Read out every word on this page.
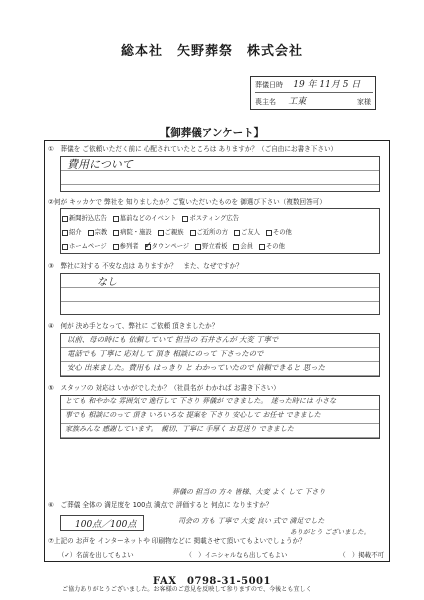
総本社　矢野葬祭　株式会社
葬儀日時 19 年 11月 5 日
喪主名 工東	家様
【御葬儀アンケート】
①　葬儀を ご依頼いただく前に 心配されていたところは ありますか？（ご自由にお書き下さい）
費用について
②何が キッカケで 弊社を 知りましたか？ご覧いただいたものを 御選び下さい（複数回答可）
新聞折込広告 墓前などのイベント ポスティング広告
紹介 宗教 病院・施設 ご親族 ご近所の方 ご友人 その他
ホームページ 参列者
✓ タウンページ 野立看板 会員 その他
③　弊社に対する 不安な点は ありますか？　また、なぜですか？
なし
④　何が 決め手となって、弊社に ご依頼 頂きましたか？
以前、母の時にも 依頼していて 担当の 石井さんが 大変 丁寧で
電話でも 丁寧に 応対して 頂き 相談にのって 下さったので
安心 出来ました。費用も はっきり と わかっていたので 信頼できると 思った
⑤　スタッフの 対応は いかがでしたか？（社員名が わかれば お書き下さい）
とても 和やかな 雰囲気で 進行して 下さり 葬儀が できました。　迷った時には 小さな
事でも 相談にのって 頂き いろいろな 提案を 下さり 安心して お任せ できました
家族みんな 感謝しています。　親切、丁寧に 手厚く お見送り できました
⑥　ご葬儀 全体の 満足度を 100点 満点で 評価すると 何点に なりますか？
100点／100点
葬儀の 担当の 方々 皆様、大変 よく して 下さり
司会の 方も 丁寧で 大変 良い 式で 満足でした
ありがとう ございました。
⑦上記の お声を インターネットや 印刷物などに 掲載させて頂いてもよいでしょうか？
（✓）名前を出してもよい	（　）イニシャルなら出してもよい	（　）掲載不可
FAX　0798-31-5001
ご協力ありがとうございました。お客様のご意見を反映して参りますので、今後とも宜しく
